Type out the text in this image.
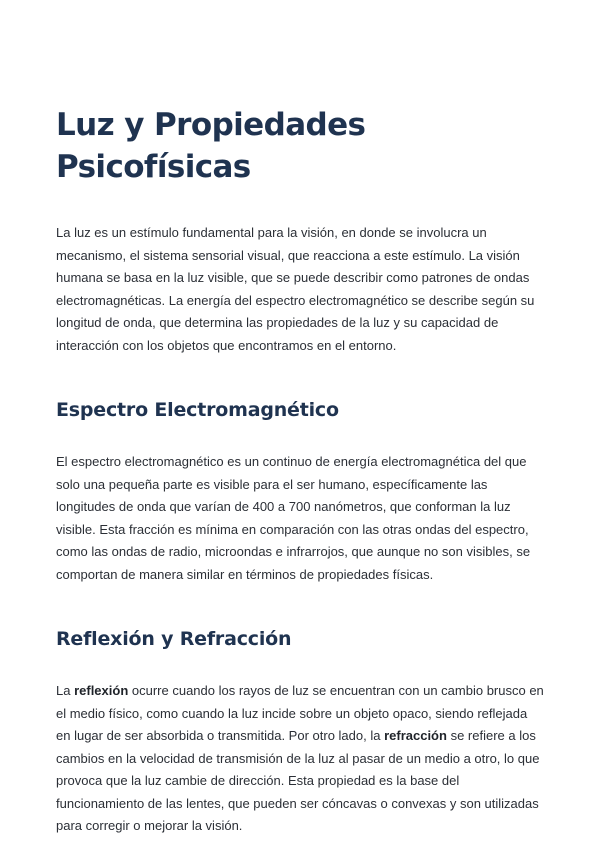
Luz y Propiedades Psicofísicas

La luz es un estímulo fundamental para la visión, en donde se involucra un mecanismo, el sistema sensorial visual, que reacciona a este estímulo. La visión humana se basa en la luz visible, que se puede describir como patrones de ondas electromagnéticas. La energía del espectro electromagnético se describe según su longitud de onda, que determina las propiedades de la luz y su capacidad de interacción con los objetos que encontramos en el entorno.

Espectro Electromagnético

El espectro electromagnético es un continuo de energía electromagnética del que solo una pequeña parte es visible para el ser humano, específicamente las longitudes de onda que varían de 400 a 700 nanómetros, que conforman la luz visible. Esta fracción es mínima en comparación con las otras ondas del espectro, como las ondas de radio, microondas e infrarrojos, que aunque no son visibles, se comportan de manera similar en términos de propiedades físicas.

Reflexión y Refracción

La reflexión ocurre cuando los rayos de luz se encuentran con un cambio brusco en el medio físico, como cuando la luz incide sobre un objeto opaco, siendo reflejada en lugar de ser absorbida o transmitida. Por otro lado, la refracción se refiere a los cambios en la velocidad de transmisión de la luz al pasar de un medio a otro, lo que provoca que la luz cambie de dirección. Esta propiedad es la base del funcionamiento de las lentes, que pueden ser cóncavas o convexas y son utilizadas para corregir o mejorar la visión.
